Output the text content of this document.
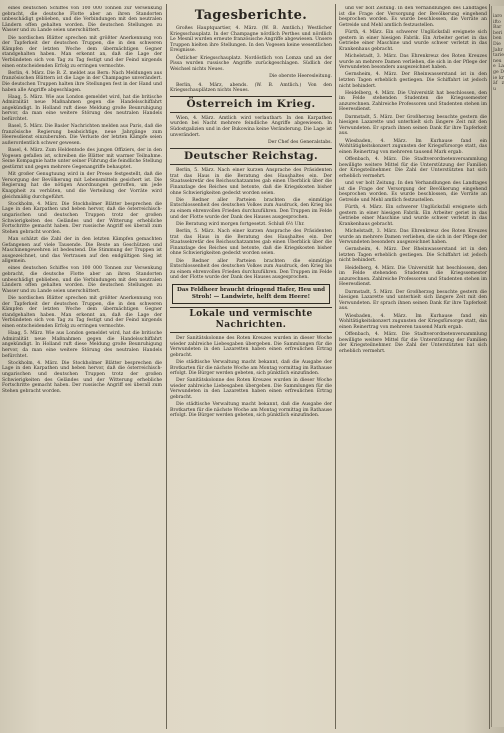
eines deutschen Schiffes von 100 000 Tonnen zur Versenkung gebracht, die deutsche Flotte aber an ihren Standorten unbeschädigt geblieben, und die Verbindungen mit den neutralen Ländern offen gehalten worden. Die deutschen Stellungen zu Wasser und zu Lande seien unerschüttert.

Die nordischen Blätter sprechen mit größter Anerkennung von der Tapferkeit der deutschen Truppen, die in den schweren Kämpfen der letzten Woche dem übermächtigen Gegner standgehalten haben. Man erkennt an, daß die Lage der Verbündeten sich von Tag zu Tag festigt und der Feind nirgends einen entscheidenden Erfolg zu erringen vermochte.

Berlin, 4. März. Die B. Z. meldet aus Bern: Nach Meldungen aus französischen Blättern ist die Lage in der Champagne unverändert. Die deutschen Truppen halten ihre Stellungen fest in der Hand und haben alle Angriffe abgeschlagen.

Haag, 5. März. Wie aus London gemeldet wird, hat die britische Admiralität neue Maßnahmen gegen die Handelsschiffahrt angekündigt. In Holland ruft diese Meldung große Beunruhigung hervor, da man eine weitere Störung des neutralen Handels befürchtet.

Basel, 5. März. Die Basler Nachrichten melden aus Paris, daß die französische Regierung beabsichtige, neue Jahrgänge zum Heeresdienst einzuberufen. Die Verluste der letzten Kämpfe seien außerordentlich schwer gewesen.

Basel, 4. März. Zum Heldentode des jungen Offiziers, der in den Vogesen gefallen ist, schreiben die Blätter mit warmer Teilnahme. Seine Kompagnie hatte unter seiner Führung die feindliche Stellung gestürmt und gegen mehrere Gegenangriffe behauptet.

Mit großer Genugtuung wird in der Presse festgestellt, daß die Versorgung der Bevölkerung mit Lebensmitteln gesichert ist. Die Regierung hat die nötigen Anordnungen getroffen, um jede Knappheit zu verhüten, und die Verteilung der Vorräte wird gleichmäßig durchgeführt.

Stockholm, 4. März. Die Stockholmer Blätter besprechen die Lage in den Karpathen und heben hervor, daß die österreichisch-ungarischen und deutschen Truppen trotz der großen Schwierigkeiten des Geländes und der Witterung erhebliche Fortschritte gemacht haben. Der russische Angriff sei überall zum Stehen gebracht worden.

Man schätzt die Zahl der in den letzten Kämpfen gemachten Gefangenen auf viele Tausende. Die Beute an Geschützen und Maschinengewehren ist bedeutend. Die Stimmung der Truppen ist ausgezeichnet, und das Vertrauen auf den endgültigen Sieg ist allgemein.

eines deutschen Schiffes von 100 000 Tonnen zur Versenkung gebracht, die deutsche Flotte aber an ihren Standorten unbeschädigt geblieben, und die Verbindungen mit den neutralen Ländern offen gehalten worden. Die deutschen Stellungen zu Wasser und zu Lande seien unerschüttert.

Die nordischen Blätter sprechen mit größter Anerkennung von der Tapferkeit der deutschen Truppen, die in den schweren Kämpfen der letzten Woche dem übermächtigen Gegner standgehalten haben. Man erkennt an, daß die Lage der Verbündeten sich von Tag zu Tag festigt und der Feind nirgends einen entscheidenden Erfolg zu erringen vermochte.

Haag, 5. März. Wie aus London gemeldet wird, hat die britische Admiralität neue Maßnahmen gegen die Handelsschiffahrt angekündigt. In Holland ruft diese Meldung große Beunruhigung hervor, da man eine weitere Störung des neutralen Handels befürchtet.

Stockholm, 4. März. Die Stockholmer Blätter besprechen die Lage in den Karpathen und heben hervor, daß die österreichisch-ungarischen und deutschen Truppen trotz der großen Schwierigkeiten des Geländes und der Witterung erhebliche Fortschritte gemacht haben. Der russische Angriff sei überall zum Stehen gebracht worden.

Tagesberichte.

Großes Hauptquartier, 4. März. (W. B. Amtlich.) Westlicher Kriegsschauplatz. In der Champagne nördlich Perthes und nördlich Le Mesnil wurden erneute französische Angriffe abgewiesen. Unsere Truppen hielten ihre Stellungen. In den Vogesen keine wesentlichen Ereignisse.

Östlicher Kriegsschauplatz. Nordöstlich von Lomza und an der Pissa wurden russische Angriffe zurückgeschlagen. Südlich der Weichsel nichts Neues.

Die oberste Heeresleitung.

Berlin, 4. März, abends. (W. B. Amtlich.) Von den Kriegsschauplätzen nichts Neues.

Österreich im Krieg.

Wien, 4. März. Amtlich wird verlautbart: In den Karpathen wurden bei Nacht mehrere feindliche Angriffe abgewiesen. In Südostgalizien und in der Bukowina keine Veränderung. Die Lage ist unverändert.

Der Chef des Generalstabs.
Deutscher Reichstag.

Berlin, 5. März. Nach einer kurzen Ansprache des Präsidenten trat das Haus in die Beratung des Haushaltes ein. Der Staatssekretär des Reichsschatzamtes gab einen Überblick über die Finanzlage des Reiches und betonte, daß die Kriegskosten bisher ohne Schwierigkeiten gedeckt worden seien.

Die Redner aller Parteien brachten die einmütige Entschlossenheit des deutschen Volkes zum Ausdruck, den Krieg bis zu einem ehrenvollen Frieden durchzuführen. Den Truppen im Felde und der Flotte wurde der Dank des Hauses ausgesprochen.

Die Beratung wird morgen fortgesetzt. Schluß 6½ Uhr.

Berlin, 5. März. Nach einer kurzen Ansprache des Präsidenten trat das Haus in die Beratung des Haushaltes ein. Der Staatssekretär des Reichsschatzamtes gab einen Überblick über die Finanzlage des Reiches und betonte, daß die Kriegskosten bisher ohne Schwierigkeiten gedeckt worden seien.

Die Redner aller Parteien brachten die einmütige Entschlossenheit des deutschen Volkes zum Ausdruck, den Krieg bis zu einem ehrenvollen Frieden durchzuführen. Den Truppen im Felde und der Flotte wurde der Dank des Hauses ausgesprochen.

Das Feldheer braucht dringend Hafer, Heu und Stroh! — Landwirte, helft dem Heere!
Lokale und vermischte Nachrichten.

Der Sanitätskolonne des Roten Kreuzes wurden in dieser Woche wieder zahlreiche Liebesgaben übergeben. Die Sammlungen für die Verwundeten in den Lazaretten haben einen erfreulichen Ertrag gebracht.

Die städtische Verwaltung macht bekannt, daß die Ausgabe der Brotkarten für die nächste Woche am Montag vormittag im Rathause erfolgt. Die Bürger werden gebeten, sich pünktlich einzufinden.

Der Sanitätskolonne des Roten Kreuzes wurden in dieser Woche wieder zahlreiche Liebesgaben übergeben. Die Sammlungen für die Verwundeten in den Lazaretten haben einen erfreulichen Ertrag gebracht.

Die städtische Verwaltung macht bekannt, daß die Ausgabe der Brotkarten für die nächste Woche am Montag vormittag im Rathause erfolgt. Die Bürger werden gebeten, sich pünktlich einzufinden.

und ver bolt Zeitung. In den Verhandlungen des Landtages ist die Frage der Versorgung der Bevölkerung eingehend besprochen worden. Es wurde beschlossen, die Vorräte an Getreide und Mehl amtlich festzustellen.

Fürth, 4. März. Ein schwerer Unglücksfall ereignete sich gestern in einer hiesigen Fabrik. Ein Arbeiter geriet in das Getriebe einer Maschine und wurde schwer verletzt in das Krankenhaus gebracht.

Michelstadt, 3. März. Das Ehrenkreuz des Roten Kreuzes wurde an mehrere Damen verliehen, die sich in der Pflege der Verwundeten besonders ausgezeichnet haben.

Gernsheim, 4. März. Der Rheinwasserstand ist in den letzten Tagen erheblich gestiegen. Die Schiffahrt ist jedoch nicht behindert.

Heidelberg, 4. März. Die Universität hat beschlossen, den im Felde stehenden Studenten die Kriegssemester anzurechnen. Zahlreiche Professoren und Studenten stehen im Heeresdienst.

Darmstadt, 5. März. Der Großherzog besuchte gestern die hiesigen Lazarette und unterhielt sich längere Zeit mit den Verwundeten. Er sprach ihnen seinen Dank für ihre Tapferkeit aus.

Wiesbaden, 4. März. Im Kurhause fand ein Wohltätigkeitskonzert zugunsten der Kriegsfürsorge statt, das einen Reinertrag von mehreren tausend Mark ergab.

Offenbach, 4. März. Die Stadtverordnetenversammlung bewilligte weitere Mittel für die Unterstützung der Familien der Kriegsteilnehmer. Die Zahl der Unterstützten hat sich erheblich vermehrt.

und ver bolt Zeitung. In den Verhandlungen des Landtages ist die Frage der Versorgung der Bevölkerung eingehend besprochen worden. Es wurde beschlossen, die Vorräte an Getreide und Mehl amtlich festzustellen.

Fürth, 4. März. Ein schwerer Unglücksfall ereignete sich gestern in einer hiesigen Fabrik. Ein Arbeiter geriet in das Getriebe einer Maschine und wurde schwer verletzt in das Krankenhaus gebracht.

Michelstadt, 3. März. Das Ehrenkreuz des Roten Kreuzes wurde an mehrere Damen verliehen, die sich in der Pflege der Verwundeten besonders ausgezeichnet haben.

Gernsheim, 4. März. Der Rheinwasserstand ist in den letzten Tagen erheblich gestiegen. Die Schiffahrt ist jedoch nicht behindert.

Heidelberg, 4. März. Die Universität hat beschlossen, den im Felde stehenden Studenten die Kriegssemester anzurechnen. Zahlreiche Professoren und Studenten stehen im Heeresdienst.

Darmstadt, 5. März. Der Großherzog besuchte gestern die hiesigen Lazarette und unterhielt sich längere Zeit mit den Verwundeten. Er sprach ihnen seinen Dank für ihre Tapferkeit aus.

Wiesbaden, 4. März. Im Kurhause fand ein Wohltätigkeitskonzert zugunsten der Kriegsfürsorge statt, das einen Reinertrag von mehreren tausend Mark ergab.

Offenbach, 4. März. Die Stadtverordnetenversammlung bewilligte weitere Mittel für die Unterstützung der Familien der Kriegsteilnehmer. Die Zahl der Unterstützten hat sich erheblich vermehrt.

iaro ifto Bar beri ben Die Jahr tarie neue Lage Die kräf zu
